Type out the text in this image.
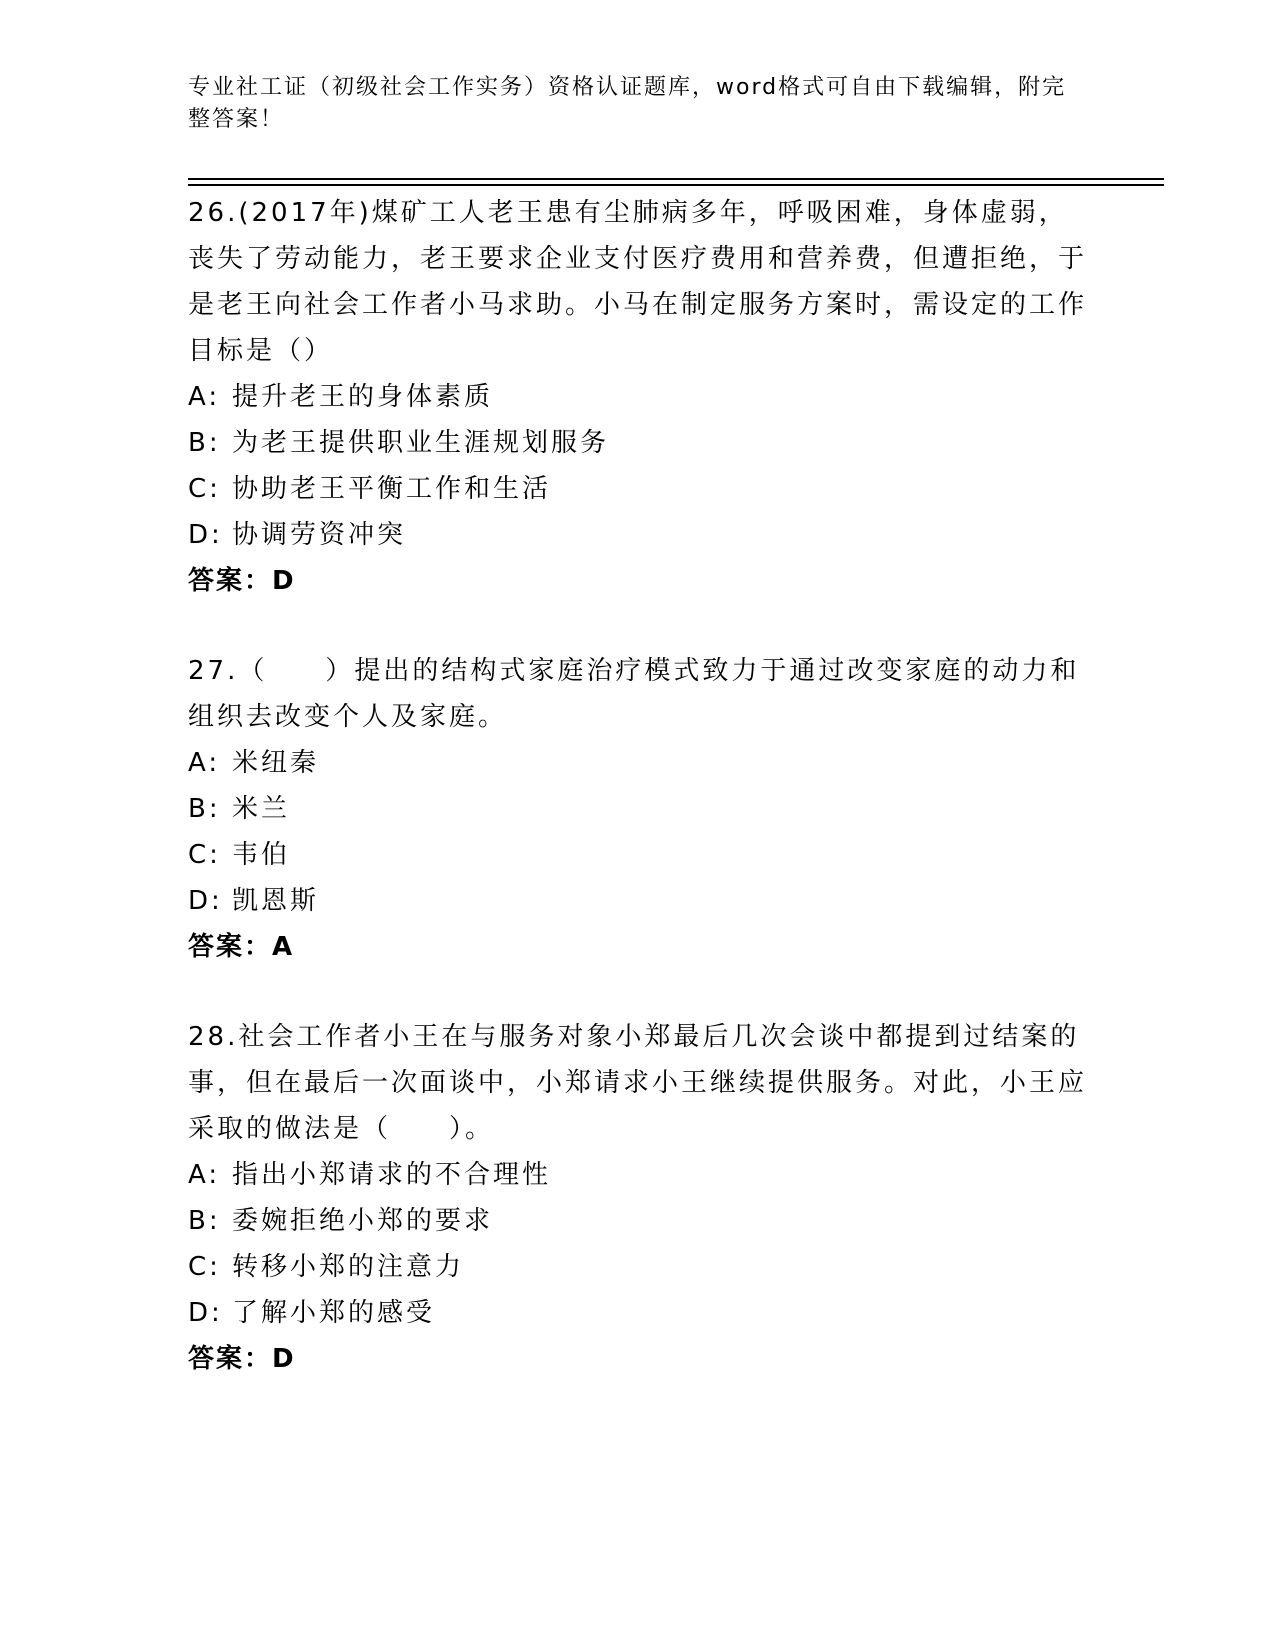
专业社工证（初级社会工作实务）资格认证题库，word格式可自由下载编辑，附完整答案！

26.(2017年)煤矿工人老王患有尘肺病多年，呼吸困难，身体虚弱，丧失了劳动能力，老王要求企业支付医疗费用和营养费，但遭拒绝，于是老王向社会工作者小马求助。小马在制定服务方案时，需设定的工作目标是（）

A: 提升老王的身体素质
B: 为老王提供职业生涯规划服务
C: 协助老王平衡工作和生活
D: 协调劳资冲突
答案：D

27.（　　）提出的结构式家庭治疗模式致力于通过改变家庭的动力和组织去改变个人及家庭。

A: 米纽秦
B: 米兰
C: 韦伯
D: 凯恩斯
答案：A

28.社会工作者小王在与服务对象小郑最后几次会谈中都提到过结案的事，但在最后一次面谈中，小郑请求小王继续提供服务。对此，小王应采取的做法是（　　）。

A: 指出小郑请求的不合理性
B: 委婉拒绝小郑的要求
C: 转移小郑的注意力
D: 了解小郑的感受
答案：D
